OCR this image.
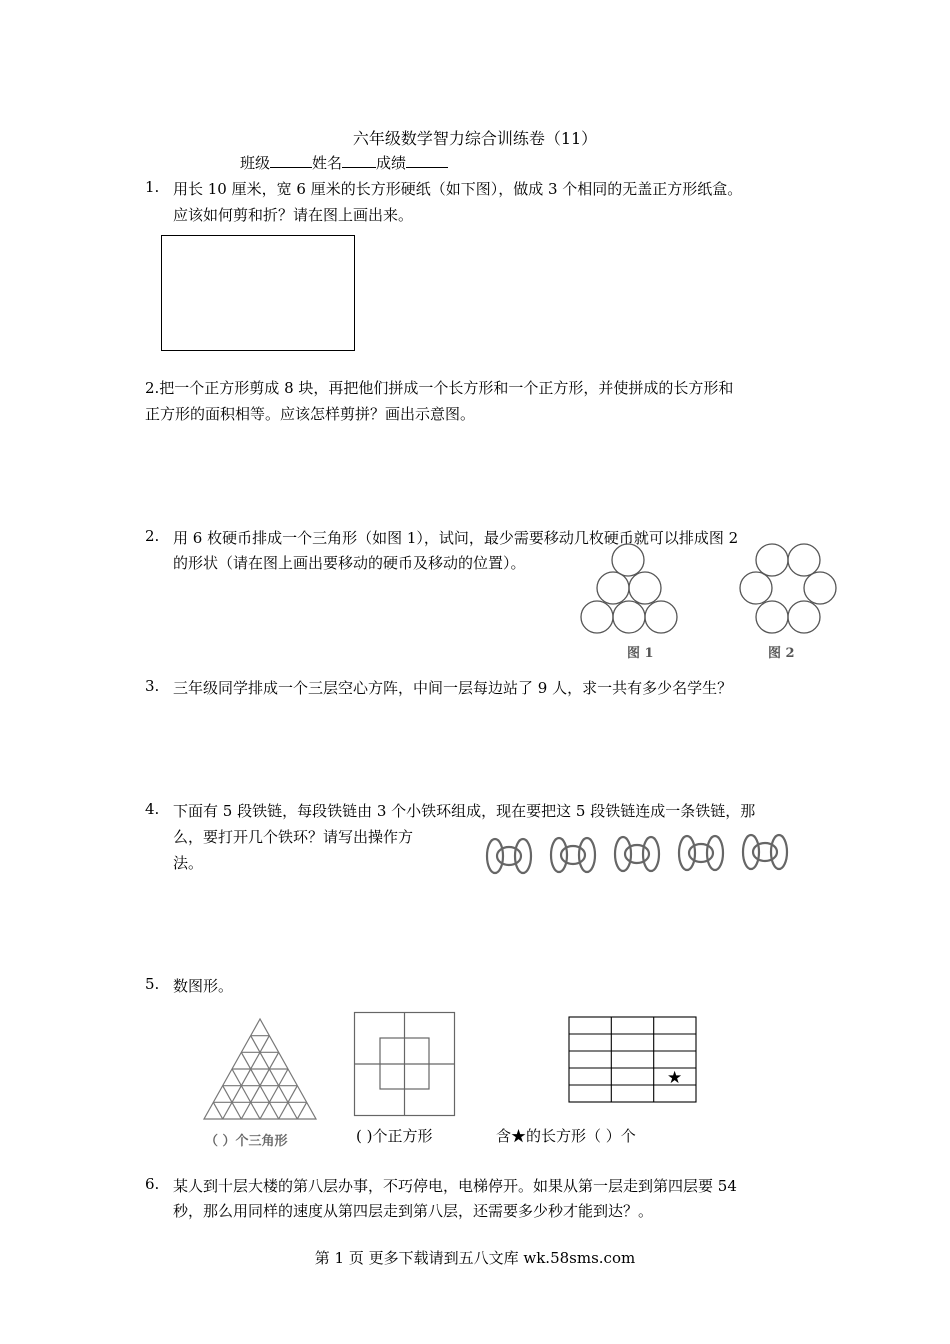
六年级数学智力综合训练卷（11）
班级	姓名 成绩
1. 用长 10 厘米，宽 6 厘米的长方形硬纸（如下图），做成 3 个相同的无盖正方形纸盒。
应该如何剪和折？请在图上画出来。
2.把一个正方形剪成 8 块，再把他们拼成一个长方形和一个正方形，并使拼成的长方形和
正方形的面积相等。应该怎样剪拼？画出示意图。
2. 用 6 枚硬币排成一个三角形（如图 1），试问，最少需要移动几枚硬币就可以排成图 2
的形状（请在图上画出要移动的硬币及移动的位置）。
图 1	图 2
3. 三年级同学排成一个三层空心方阵，中间一层每边站了 9 人，求一共有多少名学生？
4. 下面有 5 段铁链，每段铁链由 3 个小铁环组成，现在要把这 5 段铁链连成一条铁链，那
么，要打开几个铁环？请写出操作方
法。
5. 数图形。
（ ）个三角形	( )个正方形
★
含★的长方形（ ）个
6. 某人到十层大楼的第八层办事，不巧停电，电梯停开。如果从第一层走到第四层要 54
秒，那么用同样的速度从第四层走到第八层，还需要多少秒才能到达？。
第 1 页 更多下载请到五八文库 wk.58sms.com
